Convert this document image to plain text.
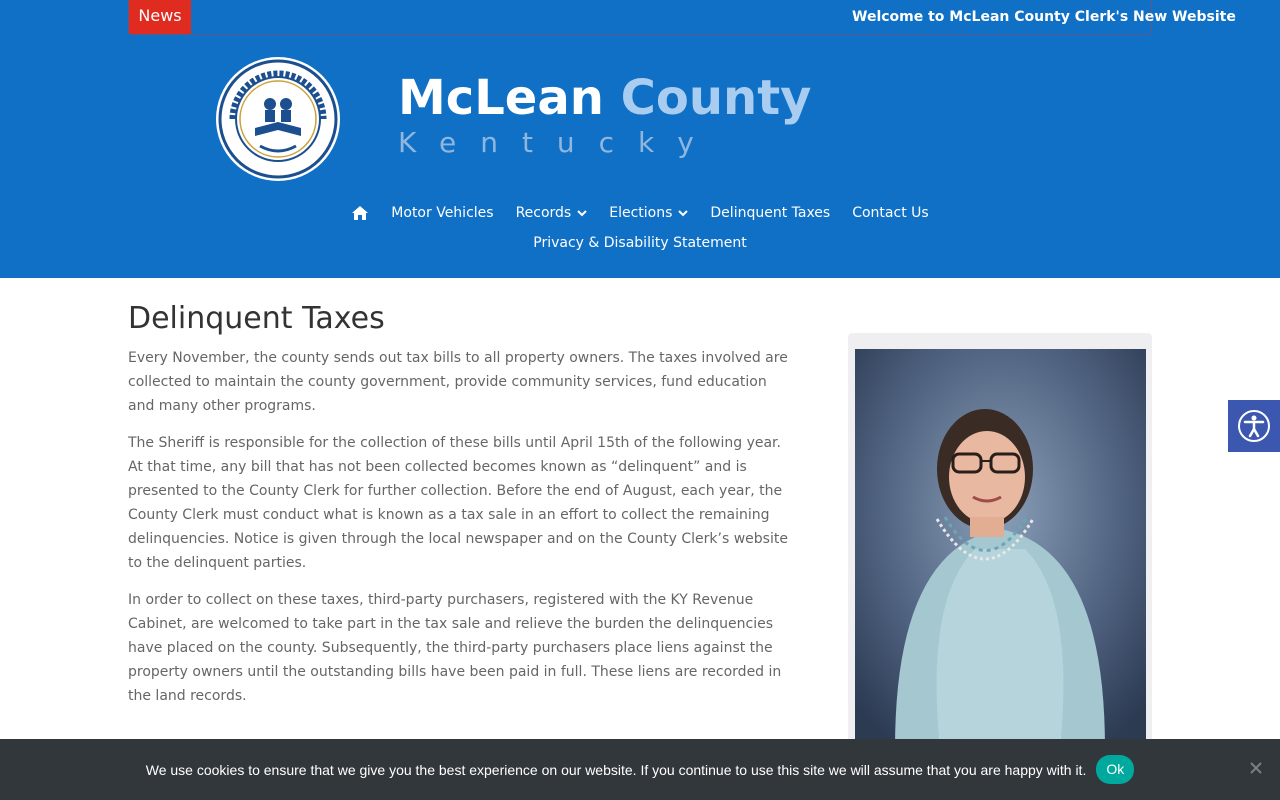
News	Welcome to McLean County Clerk's New Website
McLean County
Kentucky
Motor Vehicles Records	Elections	Delinquent Taxes Contact Us
Privacy & Disability Statement
Delinquent Taxes

Every November, the county sends out tax bills to all property owners. The taxes involved are collected to maintain the county government, provide community services, fund education and many other programs.

The Sheriff is responsible for the collection of these bills until April 15th of the following year. At that time, any bill that has not been collected becomes known as “delinquent” and is presented to the County Clerk for further collection. Before the end of August, each year, the County Clerk must conduct what is known as a tax sale in an effort to collect the remaining delinquencies. Notice is given through the local newspaper and on the County Clerk’s website to the delinquent parties.

In order to collect on these taxes, third-party purchasers, registered with the KY Revenue Cabinet, are welcomed to take part in the tax sale and relieve the burden the delinquencies have placed on the county. Subsequently, the third-party purchasers place liens against the property owners until the outstanding bills have been paid in full. These liens are recorded in the land records.

We use cookies to ensure that we give you the best experience on our website. If you continue to use this site we will assume that you are happy with it.	Ok
